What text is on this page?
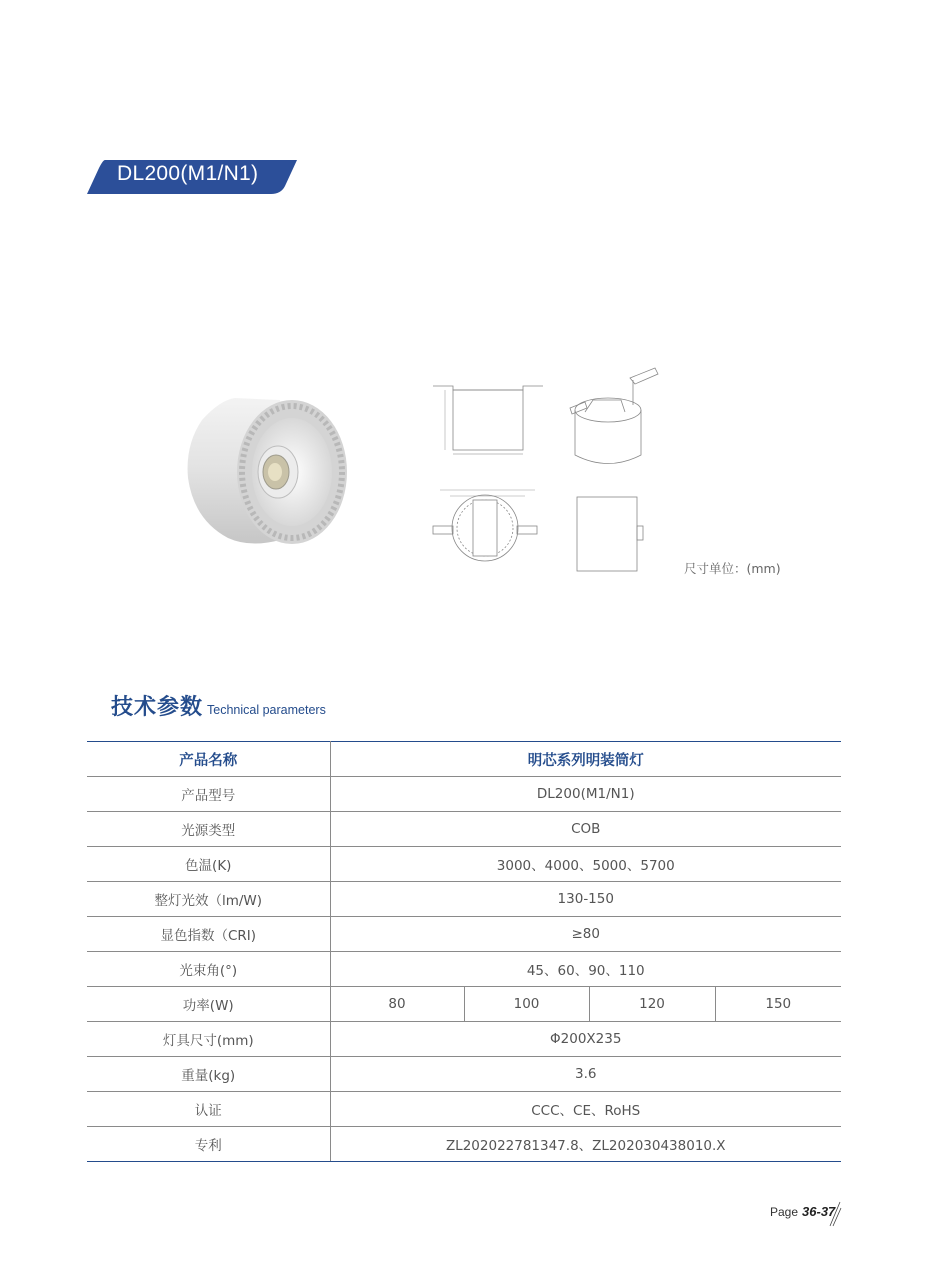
DL200(M1/N1)
尺寸单位：(mm)
技术参数 Technical parameters
产品名称	明芯系列明装筒灯			
产品型号	DL200(M1/N1)			
光源类型	COB			
色温(K)	3000、4000、5000、5700			
整灯光效（lm/W)	130-150			
显色指数（CRI)	≥80			
光束角(°)	45、60、90、110			
功率(W)	80	100	120	150
灯具尺寸(mm)	Φ200X235			
重量(kg)	3.6			
认证	CCC、CE、RoHS			
专利	ZL202022781347.8、ZL202030438010.X			
Page 36-37
